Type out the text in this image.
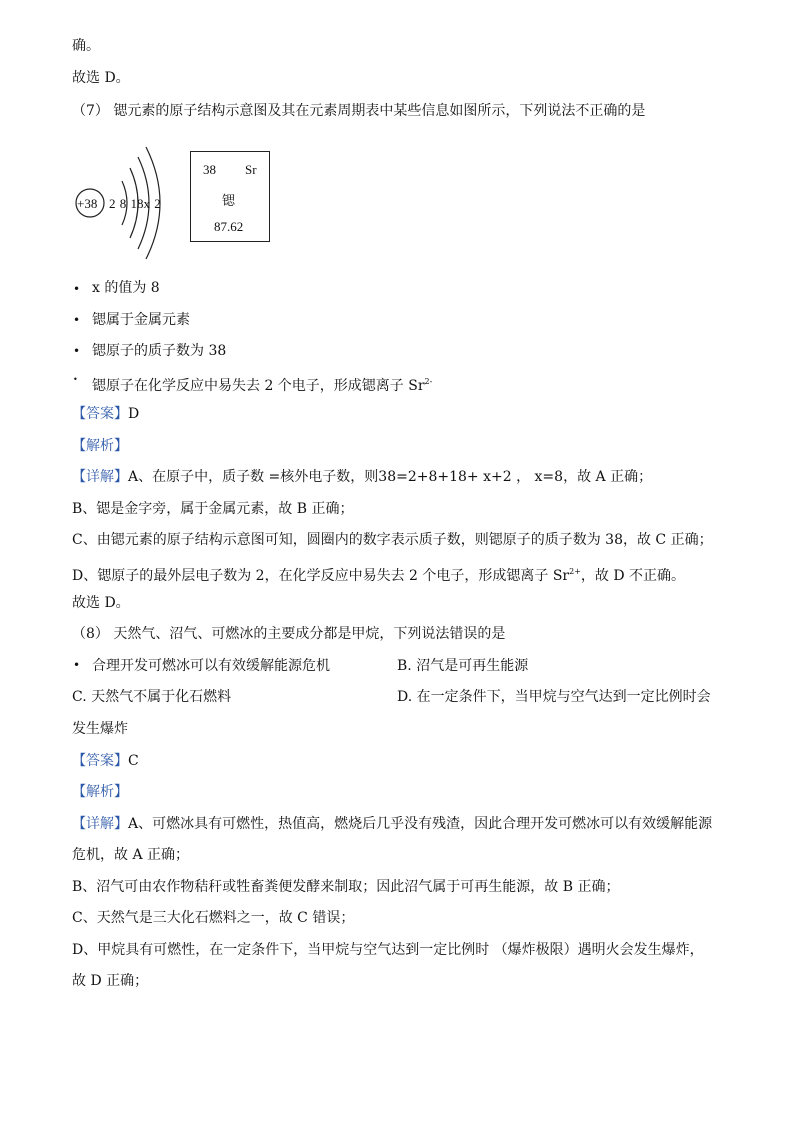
确。
故选 D。
（7） 锶元素的原子结构示意图及其在元素周期表中某些信息如图所示，下列说法不正确的是
+38 2 8 18x 2
38 Sr
锶
87.62
• x 的值为 8
• 锶属于金属元素
• 锶原子的质子数为 38
• 锶原子在化学反应中易失去 2 个电子，形成锶离子 $Sr^{2-}$
【答案】D
【解析】
【详解】A、在原子中，质子数 =核外电子数，则38=2+8+18+ x+2 ， x=8，故 A 正确；
B、锶是金字旁，属于金属元素，故 B 正确；
C、由锶元素的原子结构示意图可知，圆圈内的数字表示质子数，则锶原子的质子数为 38，故 C 正确；
D、锶原子的最外层电子数为 2，在化学反应中易失去 2 个电子，形成锶离子 $Sr^{2+}$，故 D 不正确。
故选 D。
（8） 天然气、沼气、可燃冰的主要成分都是甲烷，下列说法错误的是
• 合理开发可燃冰可以有效缓解能源危机	B. 沼气是可再生能源
C. 天然气不属于化石燃料	D. 在一定条件下，当甲烷与空气达到一定比例时会
发生爆炸
【答案】C
【解析】
【详解】A、可燃冰具有可燃性，热值高，燃烧后几乎没有残渣，因此合理开发可燃冰可以有效缓解能源
危机，故 A 正确；
B、沼气可由农作物秸秆或牲畜粪便发酵来制取；因此沼气属于可再生能源，故 B 正确；
C、天然气是三大化石燃料之一，故 C 错误；
D、甲烷具有可燃性，在一定条件下，当甲烷与空气达到一定比例时 （爆炸极限）遇明火会发生爆炸，
故 D 正确；
